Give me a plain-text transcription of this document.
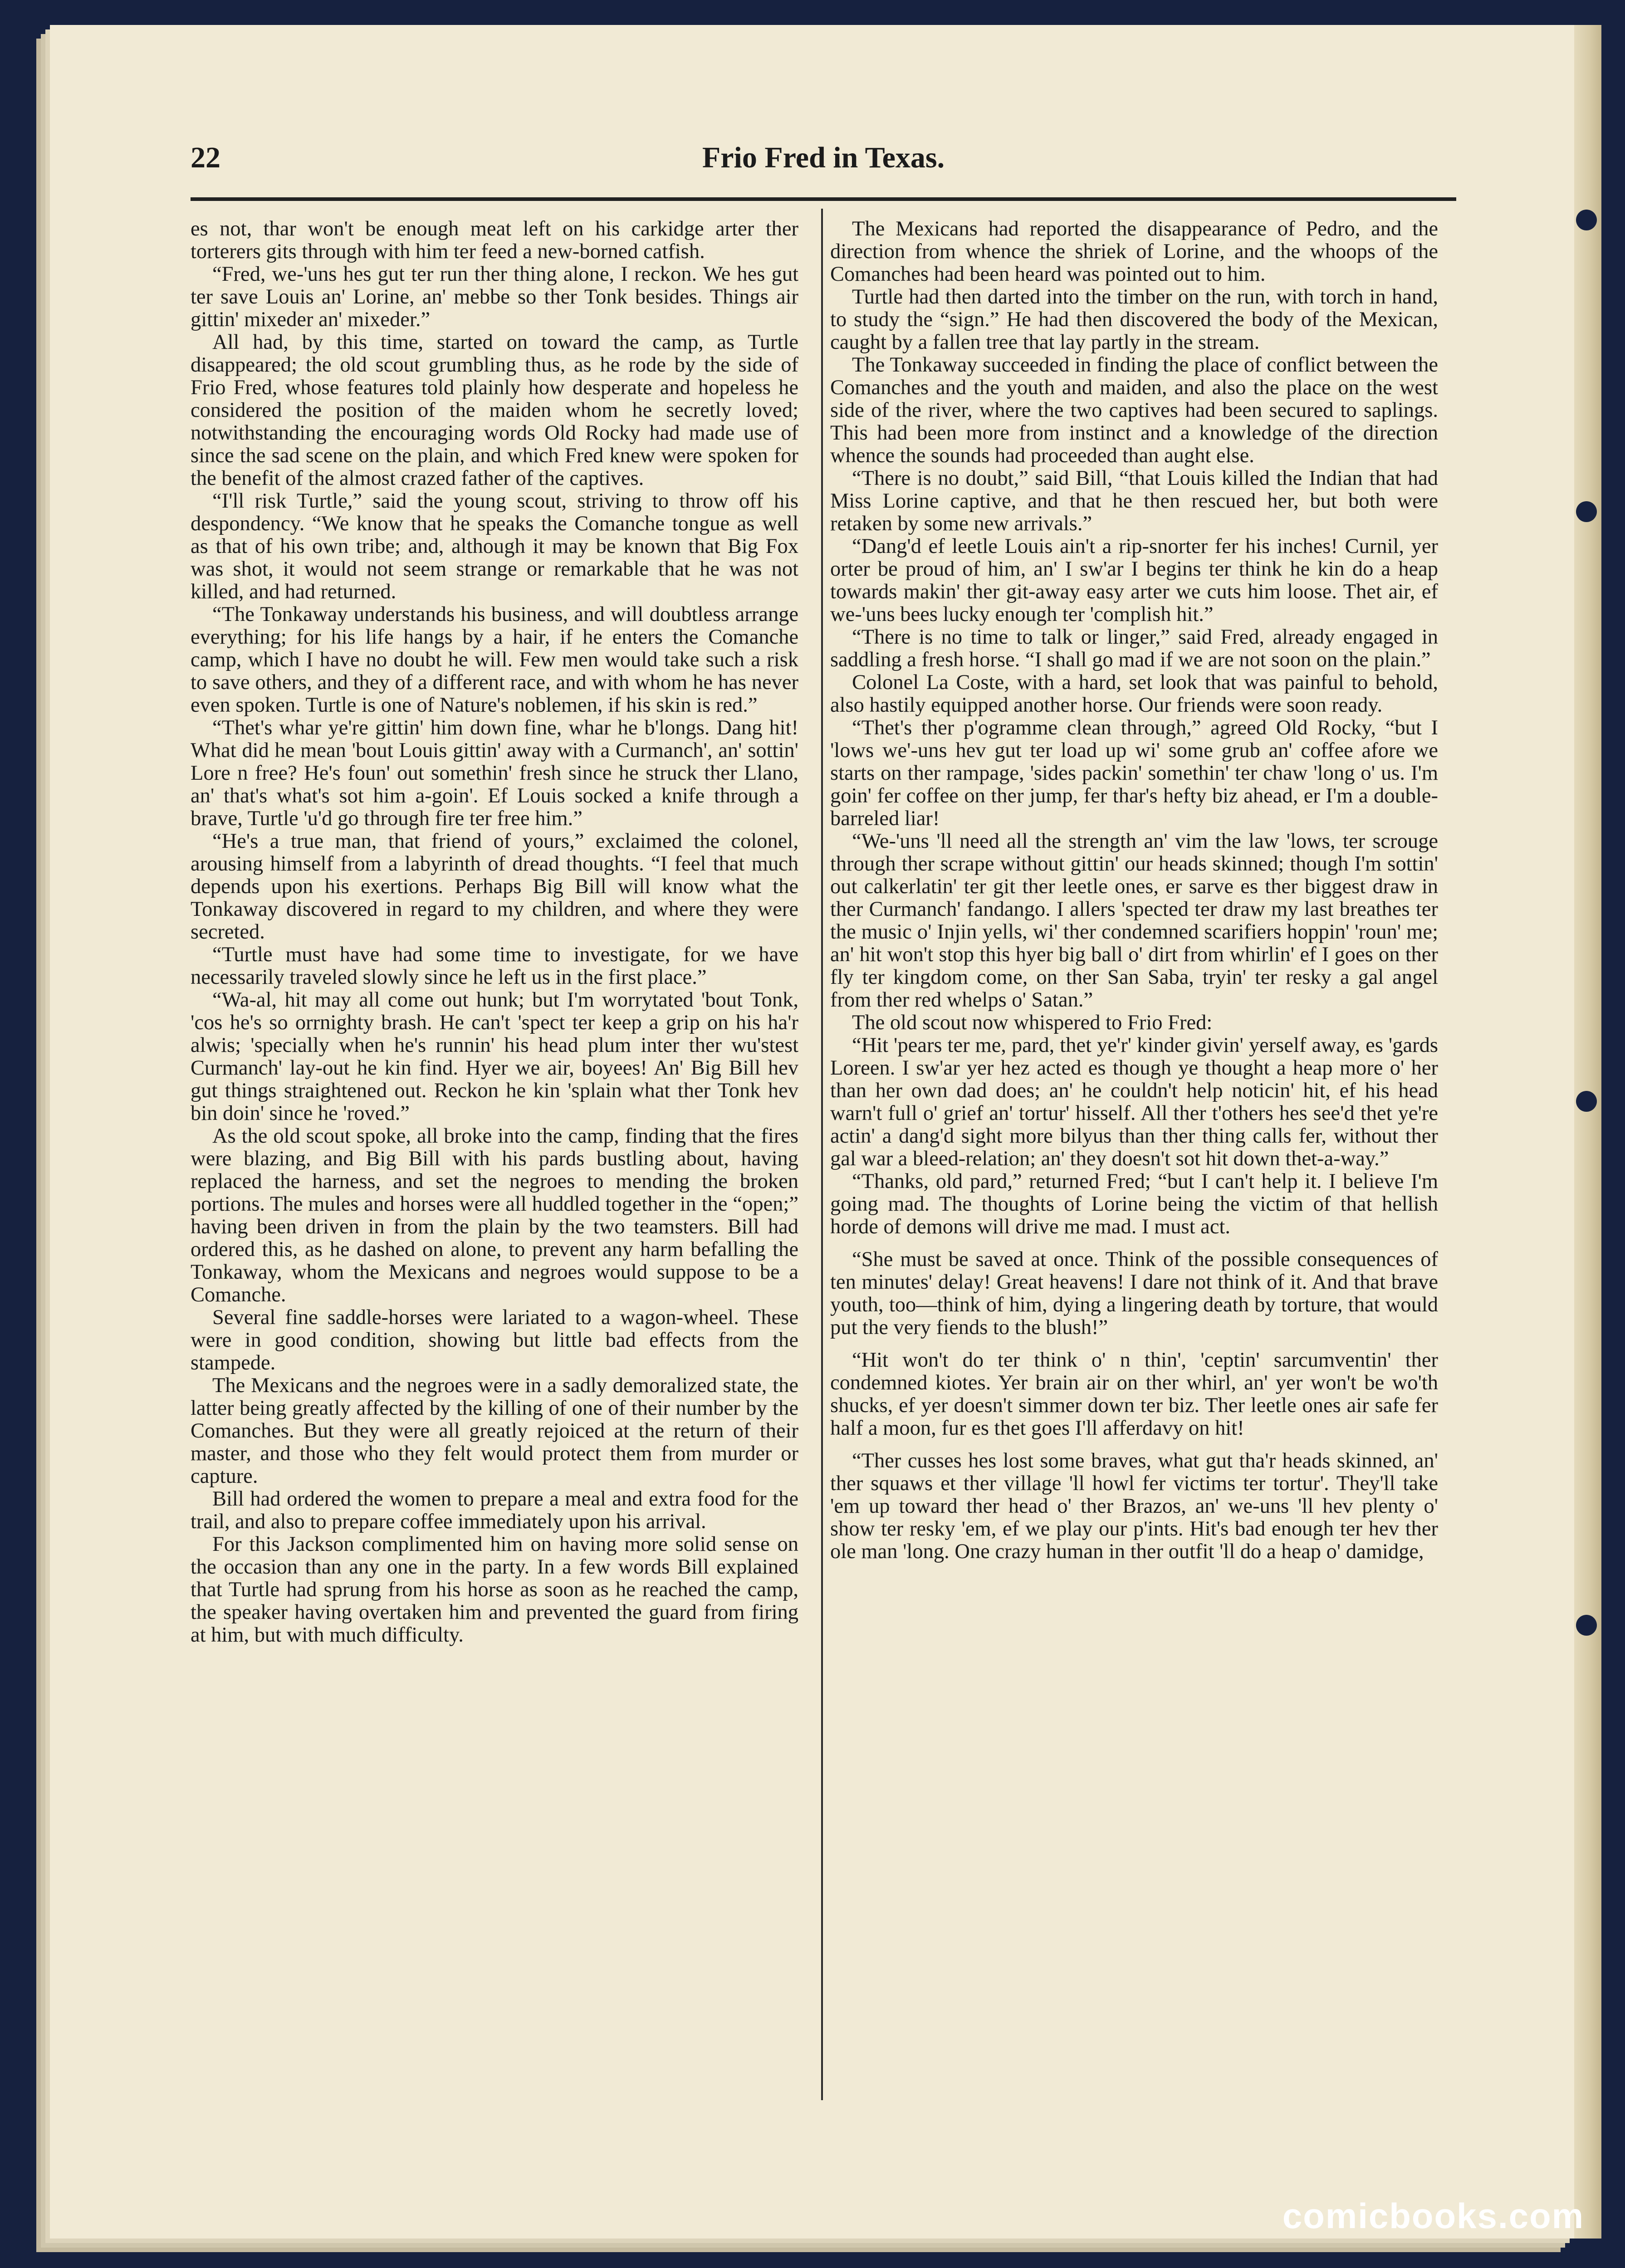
22	Frio Fred in Texas.

es not, thar won't be enough meat left on his carkidge arter ther torterers gits through with him ter feed a new-borned catfish.

“Fred, we-'uns hes gut ter run ther thing alone, I reckon. We hes gut ter save Louis an' Lorine, an' mebbe so ther Tonk besides. Things air gittin' mixeder an' mixeder.”

All had, by this time, started on toward the camp, as Turtle disappeared; the old scout grumbling thus, as he rode by the side of Frio Fred, whose features told plainly how desperate and hopeless he considered the position of the maiden whom he secretly loved; notwithstanding the encouraging words Old Rocky had made use of since the sad scene on the plain, and which Fred knew were spoken for the benefit of the almost crazed father of the captives.

“I'll risk Turtle,” said the young scout, striving to throw off his despondency. “We know that he speaks the Comanche tongue as well as that of his own tribe; and, although it may be known that Big Fox was shot, it would not seem strange or remarkable that he was not killed, and had returned.

“The Tonkaway understands his business, and will doubtless arrange everything; for his life hangs by a hair, if he enters the Comanche camp, which I have no doubt he will. Few men would take such a risk to save others, and they of a different race, and with whom he has never even spoken. Turtle is one of Nature's noblemen, if his skin is red.”

“Thet's whar ye're gittin' him down fine, whar he b'longs. Dang hit! What did he mean 'bout Louis gittin' away with a Curmanch', an' sottin' Lore n free? He's foun' out somethin' fresh since he struck ther Llano, an' that's what's sot him a-goin'. Ef Louis socked a knife through a brave, Turtle 'u'd go through fire ter free him.”

“He's a true man, that friend of yours,” exclaimed the colonel, arousing himself from a labyrinth of dread thoughts. “I feel that much depends upon his exertions. Perhaps Big Bill will know what the Tonkaway discovered in regard to my children, and where they were secreted.

“Turtle must have had some time to investigate, for we have necessarily traveled slowly since he left us in the first place.”

“Wa-al, hit may all come out hunk; but I'm worrytated 'bout Tonk, 'cos he's so orrnighty brash. He can't 'spect ter keep a grip on his ha'r alwis; 'specially when he's runnin' his head plum inter ther wu'stest Curmanch' lay-out he kin find. Hyer we air, boyees! An' Big Bill hev gut things straightened out. Reckon he kin 'splain what ther Tonk hev bin doin' since he 'roved.”

As the old scout spoke, all broke into the camp, finding that the fires were blazing, and Big Bill with his pards bustling about, having replaced the harness, and set the negroes to mending the broken portions. The mules and horses were all huddled together in the “open;” having been driven in from the plain by the two teamsters. Bill had ordered this, as he dashed on alone, to prevent any harm befalling the Tonkaway, whom the Mexicans and negroes would suppose to be a Comanche.

Several fine saddle-horses were lariated to a wagon-wheel. These were in good condition, showing but little bad effects from the stampede.

The Mexicans and the negroes were in a sadly demoralized state, the latter being greatly affected by the killing of one of their number by the Comanches. But they were all greatly rejoiced at the return of their master, and those who they felt would protect them from murder or capture.

Bill had ordered the women to prepare a meal and extra food for the trail, and also to prepare coffee immediately upon his arrival.

For this Jackson complimented him on having more solid sense on the occasion than any one in the party. In a few words Bill explained that Turtle had sprung from his horse as soon as he reached the camp, the speaker having overtaken him and prevented the guard from firing at him, but with much difficulty.

The Mexicans had reported the disappearance of Pedro, and the direction from whence the shriek of Lorine, and the whoops of the Comanches had been heard was pointed out to him.

Turtle had then darted into the timber on the run, with torch in hand, to study the “sign.” He had then discovered the body of the Mexican, caught by a fallen tree that lay partly in the stream.

The Tonkaway succeeded in finding the place of conflict between the Comanches and the youth and maiden, and also the place on the west side of the river, where the two captives had been secured to saplings. This had been more from instinct and a knowledge of the direction whence the sounds had proceeded than aught else.

“There is no doubt,” said Bill, “that Louis killed the Indian that had Miss Lorine captive, and that he then rescued her, but both were retaken by some new arrivals.”

“Dang'd ef leetle Louis ain't a rip-snorter fer his inches! Curnil, yer orter be proud of him, an' I sw'ar I begins ter think he kin do a heap towards makin' ther git-away easy arter we cuts him loose. Thet air, ef we-'uns bees lucky enough ter 'complish hit.”

“There is no time to talk or linger,” said Fred, already engaged in saddling a fresh horse. “I shall go mad if we are not soon on the plain.”

Colonel La Coste, with a hard, set look that was painful to behold, also hastily equipped another horse. Our friends were soon ready.

“Thet's ther p'ogramme clean through,” agreed Old Rocky, “but I 'lows we'-uns hev gut ter load up wi' some grub an' coffee afore we starts on ther rampage, 'sides packin' somethin' ter chaw 'long o' us. I'm goin' fer coffee on ther jump, fer thar's hefty biz ahead, er I'm a double-barreled liar!

“We-'uns 'll need all the strength an' vim the law 'lows, ter scrouge through ther scrape without gittin' our heads skinned; though I'm sottin' out calkerlatin' ter git ther leetle ones, er sarve es ther biggest draw in ther Curmanch' fandango. I allers 'spected ter draw my last breathes ter the music o' Injin yells, wi' ther condemned scarifiers hoppin' 'roun' me; an' hit won't stop this hyer big ball o' dirt from whirlin' ef I goes on ther fly ter kingdom come, on ther San Saba, tryin' ter resky a gal angel from ther red whelps o' Satan.”

The old scout now whispered to Frio Fred:

“Hit 'pears ter me, pard, thet ye'r' kinder givin' yerself away, es 'gards Loreen. I sw'ar yer hez acted es though ye thought a heap more o' her than her own dad does; an' he couldn't help noticin' hit, ef his head warn't full o' grief an' tortur' hisself. All ther t'others hes see'd thet ye're actin' a dang'd sight more bilyus than ther thing calls fer, without ther gal war a bleed-relation; an' they doesn't sot hit down thet-a-way.”

“Thanks, old pard,” returned Fred; “but I can't help it. I believe I'm going mad. The thoughts of Lorine being the victim of that hellish horde of demons will drive me mad. I must act.

“She must be saved at once. Think of the possible consequences of ten minutes' delay! Great heavens! I dare not think of it. And that brave youth, too—think of him, dying a lingering death by torture, that would put the very fiends to the blush!”

“Hit won't do ter think o' n thin', 'ceptin' sarcumventin' ther condemned kiotes. Yer brain air on ther whirl, an' yer won't be wo'th shucks, ef yer doesn't simmer down ter biz. Ther leetle ones air safe fer half a moon, fur es thet goes I'll afferdavy on hit!

“Ther cusses hes lost some braves, what gut tha'r heads skinned, an' ther squaws et ther village 'll howl fer victims ter tortur'. They'll take 'em up toward ther head o' ther Brazos, an' we-uns 'll hev plenty o' show ter resky 'em, ef we play our p'ints. Hit's bad enough ter hev ther ole man 'long. One crazy human in ther outfit 'll do a heap o' damidge,

comicbooks.com
